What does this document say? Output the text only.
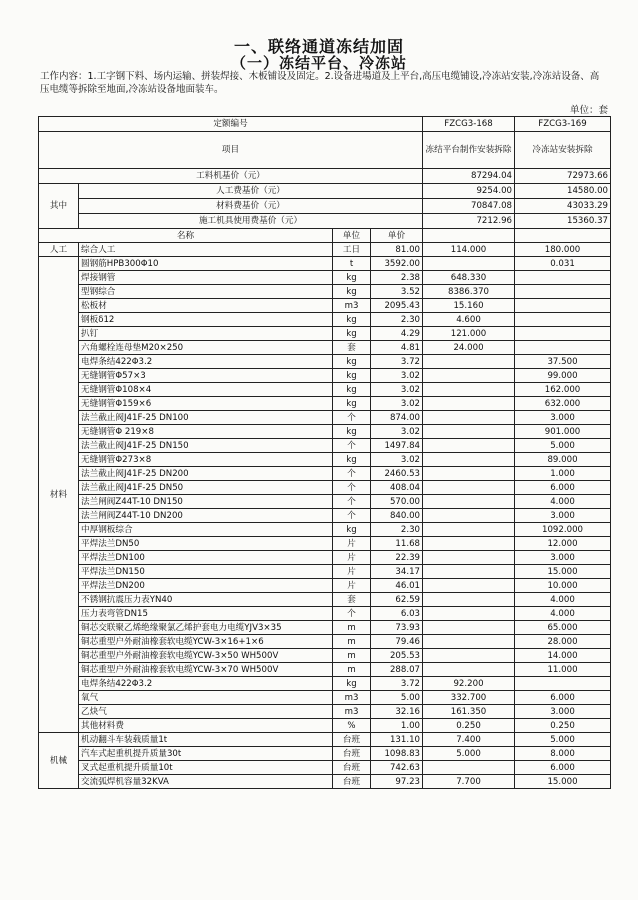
一、联络通道冻结加固
（一）冻结平台、冷冻站
工作内容：1.工字钢下料、场内运输、拼装焊接、木板铺设及固定。2.设备进場道及上平台,高压电缆铺设,冷冻站安装,冷冻站设备、高压电缆等拆除至地面,冷冻站设备地面装车。
单位：套
定额编号				FZCG3-168	FZCG3-169
项目				冻结平台制作安装拆除	冷冻站安装拆除
工料机基价（元）				87294.04	72973.66
其中	人工费基价（元）			9254.00	14580.00
	材料费基价（元）			70847.08	43033.29
	施工机具使用费基价（元）			7212.96	15360.37
名称		单位	单价		
人工	综合人工	工日	81.00	114.000	180.000
材料	圆钢筋HPB300Φ10	t	3592.00		0.031
	焊接钢管	kg	2.38	648.330	
	型钢综合	kg	3.52	8386.370	
	松板材	m3	2095.43	15.160	
	钢板δ12	kg	2.30	4.600	
	扒钉	kg	4.29	121.000	
	六角螺栓连母垫M20×250	套	4.81	24.000	
	电焊条结422Φ3.2	kg	3.72		37.500
	无缝钢管Φ57×3	kg	3.02		99.000
	无缝钢管Φ108×4	kg	3.02		162.000
	无缝钢管Φ159×6	kg	3.02		632.000
	法兰截止阀J41F-25 DN100	个	874.00		3.000
	无缝钢管Φ 219×8	kg	3.02		901.000
	法兰截止阀J41F-25 DN150	个	1497.84		5.000
	无缝钢管Φ273×8	kg	3.02		89.000
	法兰截止阀J41F-25 DN200	个	2460.53		1.000
	法兰截止阀J41F-25 DN50	个	408.04		6.000
	法兰闸阀Z44T-10 DN150	个	570.00		4.000
	法兰闸阀Z44T-10 DN200	个	840.00		3.000
	中厚钢板综合	kg	2.30		1092.000
	平焊法兰DN50	片	11.68		12.000
	平焊法兰DN100	片	22.39		3.000
	平焊法兰DN150	片	34.17		15.000
	平焊法兰DN200	片	46.01		10.000
	不锈钢抗震压力表YN40	套	62.59		4.000
	压力表弯管DN15	个	6.03		4.000
	铜芯交联聚乙烯绝缘聚氯乙烯护套电力电缆YJV3×35	m	73.93		65.000
	铜芯重型户外耐油橡套软电缆YCW-3×16+1×6	m	79.46		28.000
	铜芯重型户外耐油橡套软电缆YCW-3×50 WH500V	m	205.53		14.000
	铜芯重型户外耐油橡套软电缆YCW-3×70 WH500V	m	288.07		11.000
	电焊条结422Φ3.2	kg	3.72	92.200	
	氧气	m3	5.00	332.700	6.000
	乙炔气	m3	32.16	161.350	3.000
	其他材料费	%	1.00	0.250	0.250
机械	机动翻斗车装载质量1t	台班	131.10	7.400	5.000
	汽车式起重机提升质量30t	台班	1098.83	5.000	8.000
	叉式起重机提升质量10t	台班	742.63		6.000
	交流弧焊机容量32KVA	台班	97.23	7.700	15.000
